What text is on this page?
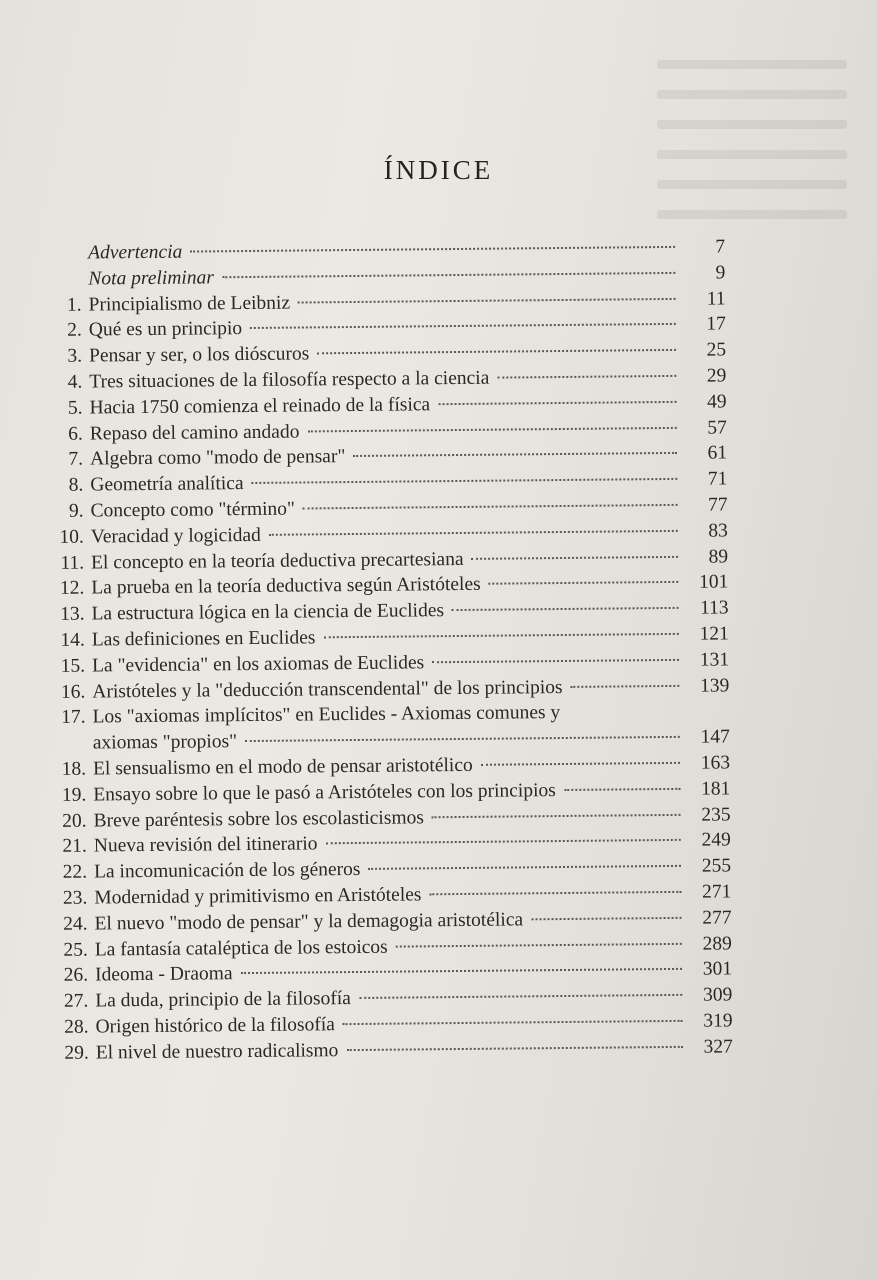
ÍNDICE
Advertencia	7
Nota preliminar	9
1. Principialismo de Leibniz	11
2. Qué es un principio	17
3. Pensar y ser, o los dióscuros	25
4. Tres situaciones de la filosofía respecto a la ciencia	29
5. Hacia 1750 comienza el reinado de la física	49
6. Repaso del camino andado	57
7. Algebra como "modo de pensar"	61
8. Geometría analítica	71
9. Concepto como "término"	77
10. Veracidad y logicidad	83
11. El concepto en la teoría deductiva precartesiana	89
12. La prueba en la teoría deductiva según Aristóteles	101
13. La estructura lógica en la ciencia de Euclides	113
14. Las definiciones en Euclides	121
15. La "evidencia" en los axiomas de Euclides	131
16. Aristóteles y la "deducción transcendental" de los principios	139
17. Los "axiomas implícitos" en Euclides - Axiomas comunes y
axiomas "propios"	147
18. El sensualismo en el modo de pensar aristotélico	163
19. Ensayo sobre lo que le pasó a Aristóteles con los principios	181
20. Breve paréntesis sobre los escolasticismos	235
21. Nueva revisión del itinerario	249
22. La incomunicación de los géneros	255
23. Modernidad y primitivismo en Aristóteles	271
24. El nuevo "modo de pensar" y la demagogia aristotélica	277
25. La fantasía cataléptica de los estoicos	289
26. Ideoma - Draoma	301
27. La duda, principio de la filosofía	309
28. Origen histórico de la filosofía	319
29. El nivel de nuestro radicalismo	327
